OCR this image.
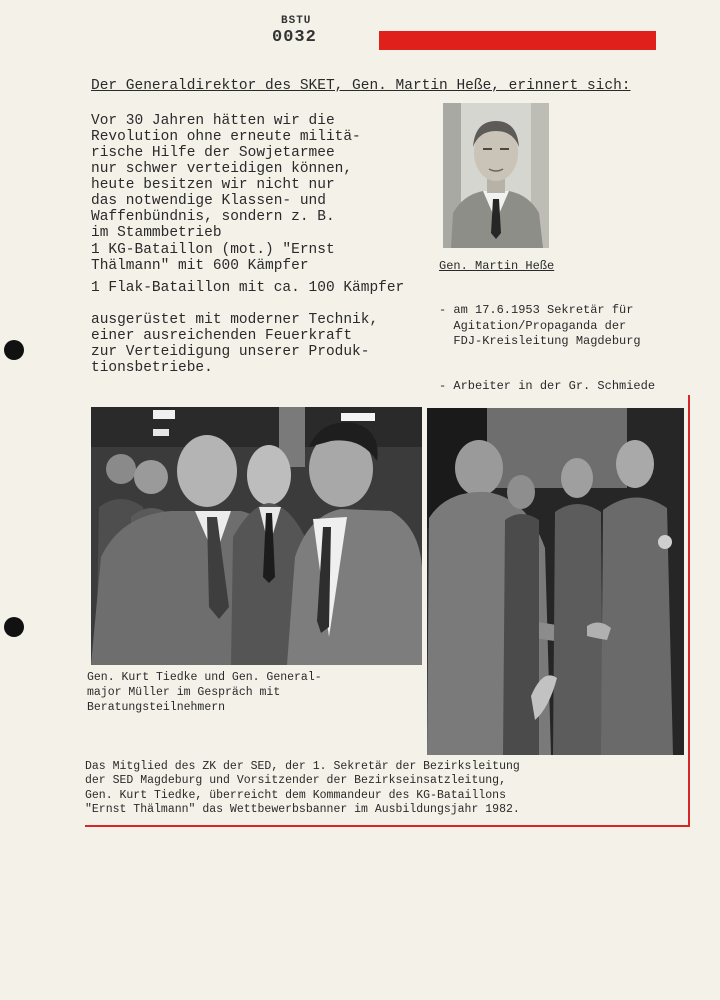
BSTU
0032
Der Generaldirektor des SKET, Gen. Martin Heße, erinnert sich:
Vor 30 Jahren hätten wir die
Revolution ohne erneute militä-
rische Hilfe der Sowjetarmee
nur schwer verteidigen können,
heute besitzen wir nicht nur
das notwendige Klassen- und
Waffenbündnis, sondern z. B.
im Stammbetrieb
1 KG-Bataillon (mot.) "Ernst
Thälmann" mit 600 Kämpfer
1 Flak-Bataillon mit ca. 100 Kämpfer
ausgerüstet mit moderner Technik,
einer ausreichenden Feuerkraft
zur Verteidigung unserer Produk-
tionsbetriebe.
Gen. Martin Heße

- am 17.6.1953 Sekretär für
Agitation/Propaganda der
FDJ-Kreisleitung Magdeburg

- Arbeiter in der Gr. Schmiede

Gen. Kurt Tiedke und Gen. General-
major Müller im Gespräch mit
Beratungsteilnehmern
Das Mitglied des ZK der SED, der 1. Sekretär der Bezirksleitung
der SED Magdeburg und Vorsitzender der Bezirkseinsatzleitung,
Gen. Kurt Tiedke, überreicht dem Kommandeur des KG-Bataillons
"Ernst Thälmann" das Wettbewerbsbanner im Ausbildungsjahr 1982.
